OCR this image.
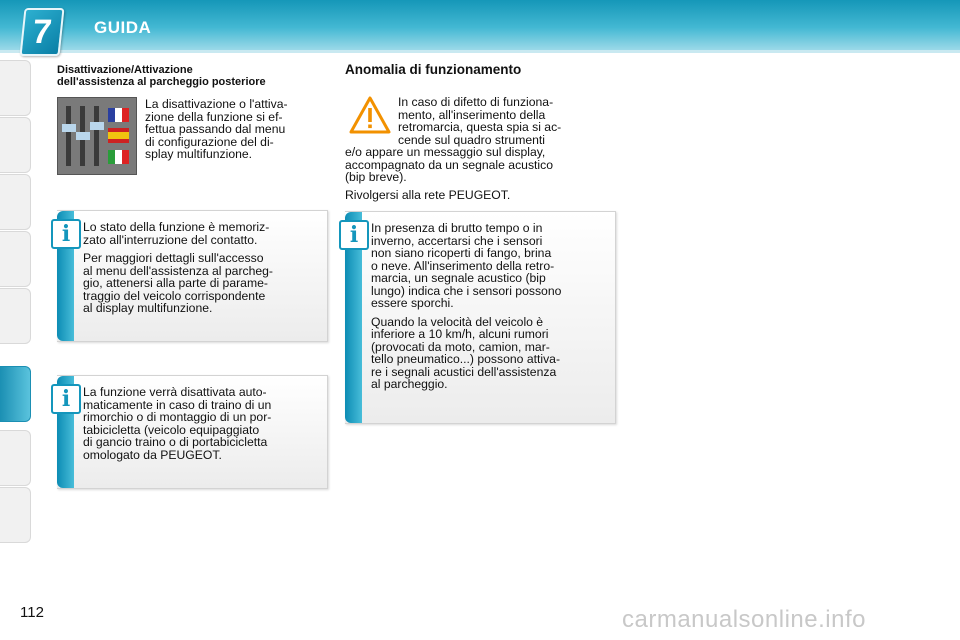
7	GUIDA
Disattivazione/Attivazione
dell'assistenza al parcheggio posteriore
La disattivazione o l'attiva-
zione della funzione si ef-
fettua passando dal menu
di configurazione del di-
splay multifunzione.
i	Lo stato della funzione è memoriz-
zato all'interruzione del contatto.

Per maggiori dettagli sull'accesso
al menu dell'assistenza al parcheg-
gio, attenersi alla parte di parame-
traggio del veicolo corrispondente
al display multifunzione.

i	La funzione verrà disattivata auto-
maticamente in caso di traino di un
rimorchio o di montaggio di un por-
tabicicletta (veicolo equipaggiato
di gancio traino o di portabicicletta
omologato da PEUGEOT.

Anomalia di funzionamento
In caso di difetto di funziona-
mento, all'inserimento della
retromarcia, questa spia si ac-
cende sul quadro strumenti
e/o appare un messaggio sul display,
accompagnato da un segnale acustico
(bip breve).
Rivolgersi alla rete PEUGEOT.
i	In presenza di brutto tempo o in
inverno, accertarsi che i sensori
non siano ricoperti di fango, brina
o neve. All'inserimento della retro-
marcia, un segnale acustico (bip
lungo) indica che i sensori possono
essere sporchi.

Quando la velocità del veicolo è
inferiore a 10 km/h, alcuni rumori
(provocati da moto, camion, mar-
tello pneumatico...) possono attiva-
re i segnali acustici dell'assistenza
al parcheggio.

112	carmanualsonline.info
